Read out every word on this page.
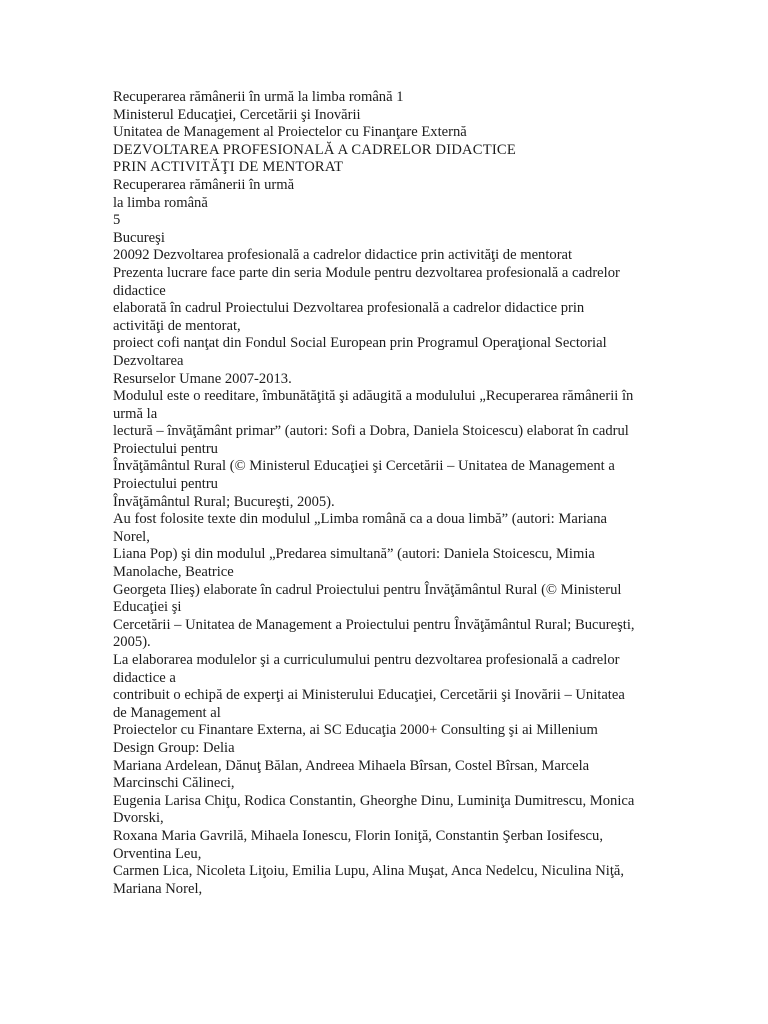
Recuperarea rămânerii în urmă la limba română 1
Ministerul Educaţiei, Cercetării şi Inovării
Unitatea de Management al Proiectelor cu Finanţare Externă
DEZVOLTAREA PROFESIONALĂ A CADRELOR DIDACTICE
PRIN ACTIVITĂŢI DE MENTORAT
Recuperarea rămânerii în urmă
la limba română
5
Bucureşi
20092 Dezvoltarea profesională a cadrelor didactice prin activităţi de mentorat
Prezenta lucrare face parte din seria Module pentru dezvoltarea profesională a cadrelor
didactice
elaborată în cadrul Proiectului Dezvoltarea profesională a cadrelor didactice prin
activităţi de mentorat,
proiect cofi nanţat din Fondul Social European prin Programul Operaţional Sectorial
Dezvoltarea
Resurselor Umane 2007-2013.
Modulul este o reeditare, îmbunătăţită şi adăugită a modulului „Recuperarea rămânerii în
urmă la
lectură – învăţământ primar” (autori: Sofi a Dobra, Daniela Stoicescu) elaborat în cadrul
Proiectului pentru
Învăţământul Rural (© Ministerul Educaţiei şi Cercetării – Unitatea de Management a
Proiectului pentru
Învăţământul Rural; Bucureşti, 2005).
Au fost folosite texte din modulul „Limba română ca a doua limbă” (autori: Mariana
Norel,
Liana Pop) şi din modulul „Predarea simultană” (autori: Daniela Stoicescu, Mimia
Manolache, Beatrice
Georgeta Ilieş) elaborate în cadrul Proiectului pentru Învăţământul Rural (© Ministerul
Educaţiei şi
Cercetării – Unitatea de Management a Proiectului pentru Învăţământul Rural; Bucureşti,
2005).
La elaborarea modulelor şi a curriculumului pentru dezvoltarea profesională a cadrelor
didactice a
contribuit o echipă de experţi ai Ministerului Educaţiei, Cercetării şi Inovării – Unitatea
de Management al
Proiectelor cu Finantare Externa, ai SC Educaţia 2000+ Consulting şi ai Millenium
Design Group: Delia
Mariana Ardelean, Dănuţ Bălan, Andreea Mihaela Bîrsan, Costel Bîrsan, Marcela
Marcinschi Călineci,
Eugenia Larisa Chiţu, Rodica Constantin, Gheorghe Dinu, Luminiţa Dumitrescu, Monica
Dvorski,
Roxana Maria Gavrilă, Mihaela Ionescu, Florin Ioniţă, Constantin Şerban Iosifescu,
Orventina Leu,
Carmen Lica, Nicoleta Liţoiu, Emilia Lupu, Alina Muşat, Anca Nedelcu, Niculina Niţă,
Mariana Norel,
